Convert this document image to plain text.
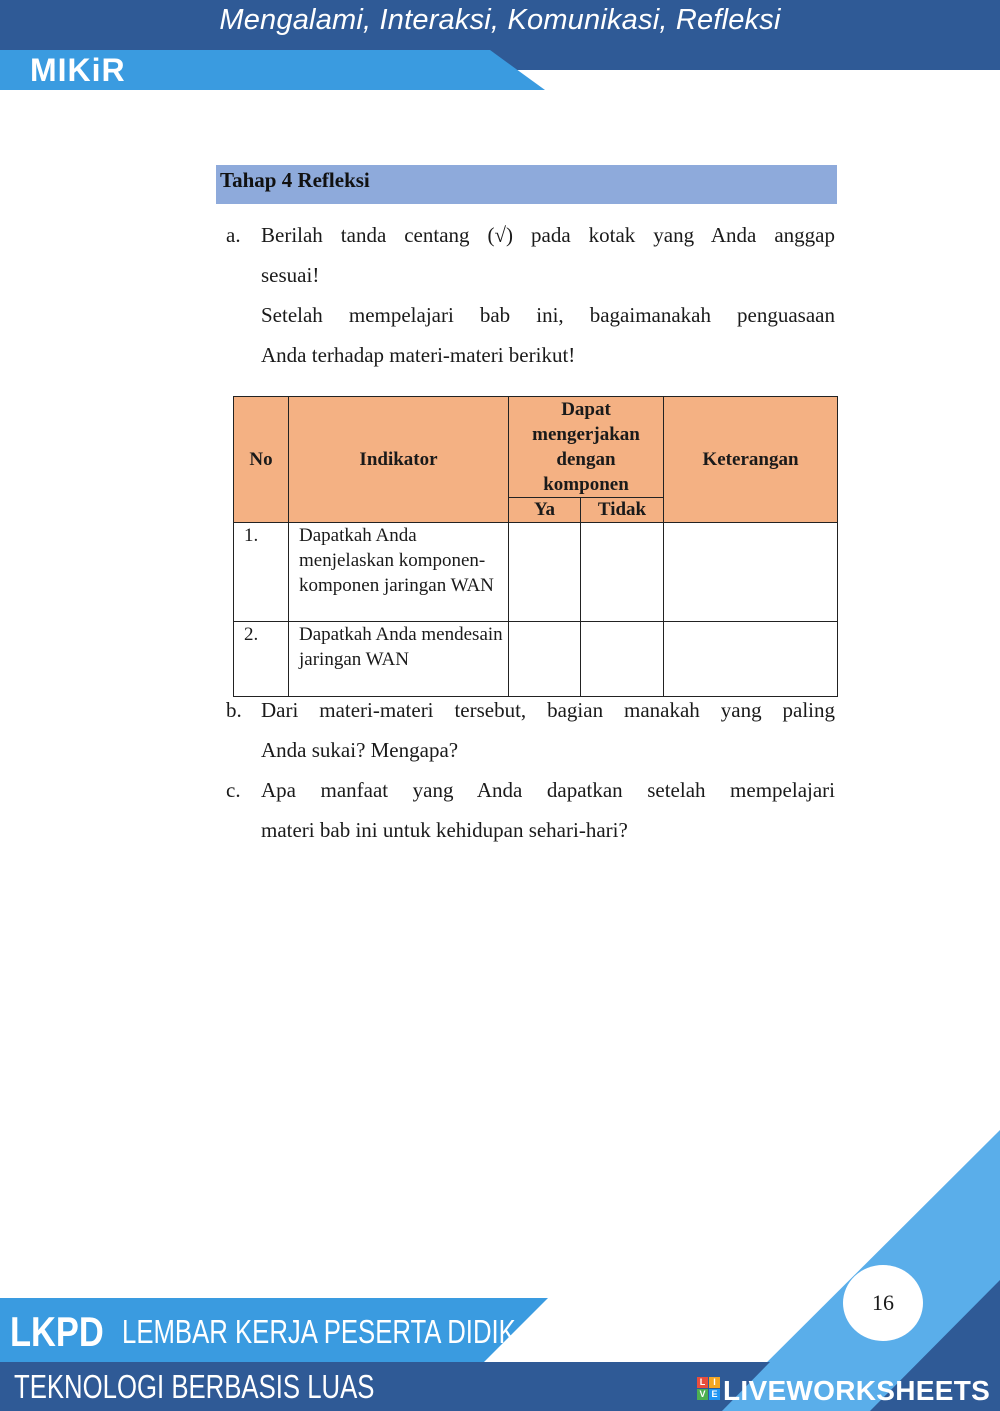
Mengalami, Interaksi, Komunikasi, Refleksi
MIKiR
Tahap 4 Refleksi
a. Berilah tanda centang (√) pada kotak yang Anda anggap
sesuai!
Setelah mempelajari bab ini, bagaimanakah penguasaan
Anda terhadap materi-materi berikut!
No	Indikator	Dapat mengerjakan dengan komponen		Keterangan
		Ya	Tidak	
1.	Dapatkah Anda menjelaskan komponen-komponen jaringan WAN			
2.	Dapatkah Anda mendesain jaringan WAN			
b. Dari materi-materi tersebut, bagian manakah yang paling
Anda sukai? Mengapa?
c. Apa manfaat yang Anda dapatkan setelah mempelajari
materi bab ini untuk kehidupan sehari-hari?
LKPD LEMBAR KERJA PESERTA DIDIK
TEKNOLOGI BERBASIS LUAS
16
L I
V E LIVEWORKSHEETS
